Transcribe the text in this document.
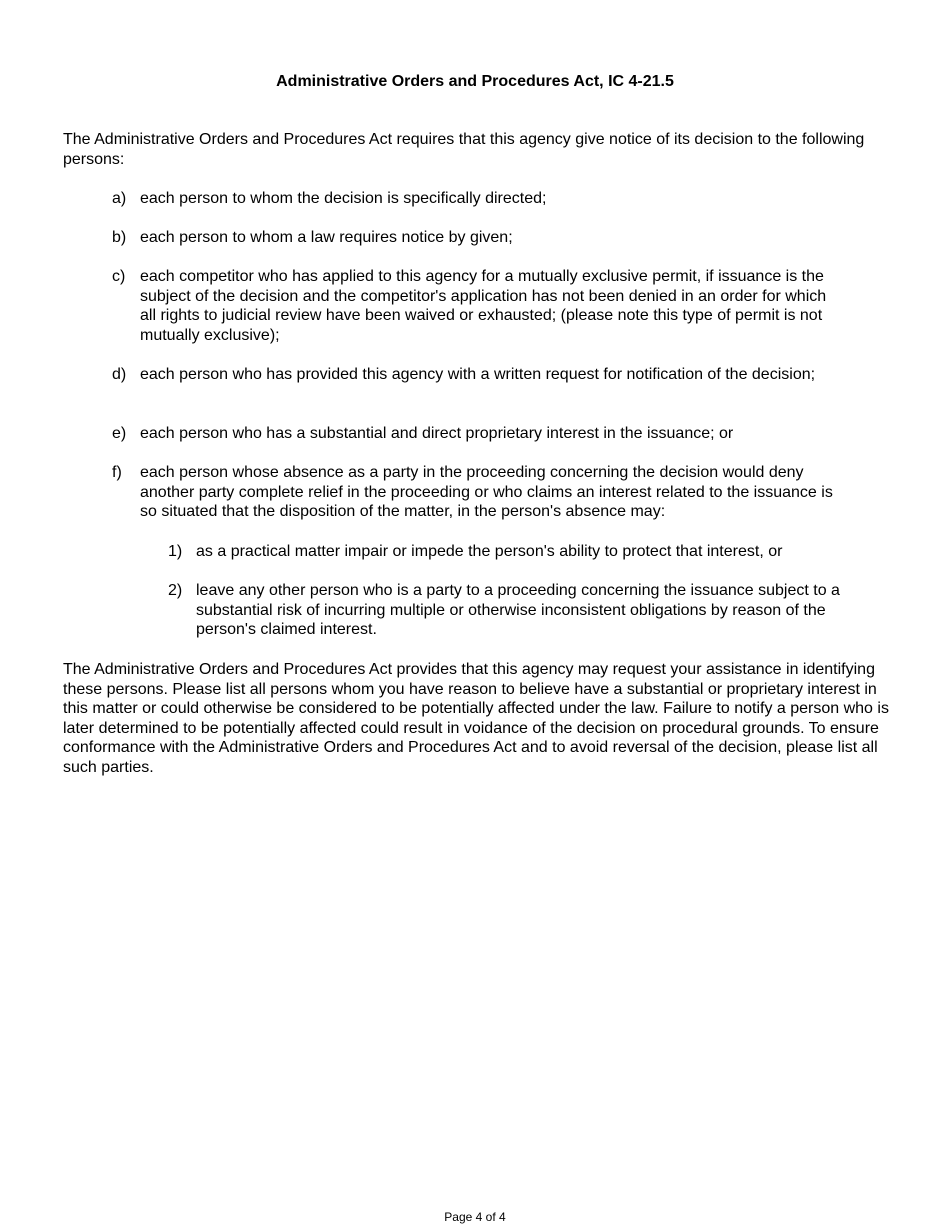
Administrative Orders and Procedures Act, IC 4-21.5

The Administrative Orders and Procedures Act requires that this agency give notice of its decision to the following persons:

a) each person to whom the decision is specifically directed;
b) each person to whom a law requires notice by given;
c) each competitor who has applied to this agency for a mutually exclusive permit, if issuance is the subject of the decision and the competitor's application has not been denied in an order for which all rights to judicial review have been waived or exhausted; (please note this type of permit is not mutually exclusive);
d) each person who has provided this agency with a written request for notification of the decision;
e) each person who has a substantial and direct proprietary interest in the issuance; or
f)	each person whose absence as a party in the proceeding concerning the decision would deny another party complete relief in the proceeding or who claims an interest related to the issuance is so situated that the disposition of the matter, in the person's absence may:
1) as a practical matter impair or impede the person's ability to protect that interest, or
2) leave any other person who is a party to a proceeding concerning the issuance subject to a substantial risk of incurring multiple or otherwise inconsistent obligations by reason of the person's claimed interest.

The Administrative Orders and Procedures Act provides that this agency may request your assistance in identifying these persons. Please list all persons whom you have reason to believe have a substantial or proprietary interest in this matter or could otherwise be considered to be potentially affected under the law. Failure to notify a person who is later determined to be potentially affected could result in voidance of the decision on procedural grounds. To ensure conformance with the Administrative Orders and Procedures Act and to avoid reversal of the decision, please list all such parties.

Page 4 of 4
